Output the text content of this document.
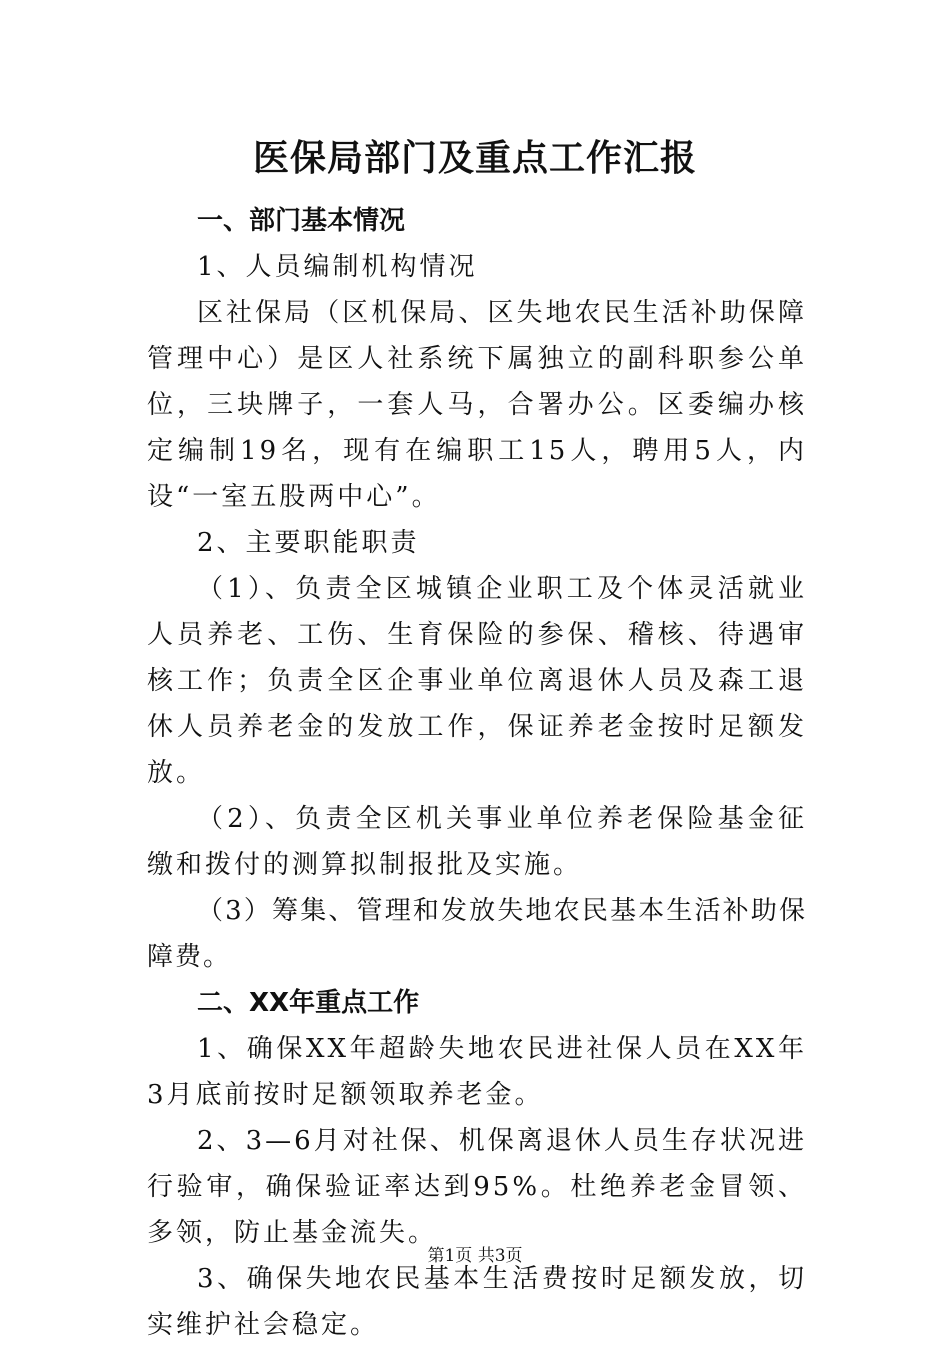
医保局部门及重点工作汇报
一、部门基本情况
1、人员编制机构情况
区社保局（区机保局、区失地农民生活补助保障管理中心）是区人社系统下属独立的副科职参公单位，三块牌子，一套人马，合署办公。区委编办核定编制19名，现有在编职工15人，聘用5人，内设“一室五股两中心”。
2、主要职能职责
（1）、负责全区城镇企业职工及个体灵活就业人员养老、工伤、生育保险的参保、稽核、待遇审核工作；负责全区企事业单位离退休人员及森工退休人员养老金的发放工作，保证养老金按时足额发放。
（2）、负责全区机关事业单位养老保险基金征缴和拨付的测算拟制报批及实施。
（3）筹集、管理和发放失地农民基本生活补助保障费。
二、XX年重点工作
1、确保XX年超龄失地农民进社保人员在XX年3月底前按时足额领取养老金。
2、3—6月对社保、机保离退休人员生存状况进行验审，确保验证率达到95%。杜绝养老金冒领、多领，防止基金流失。
3、确保失地农民基本生活费按时足额发放，切实维护社会稳定。
第1页 共3页
